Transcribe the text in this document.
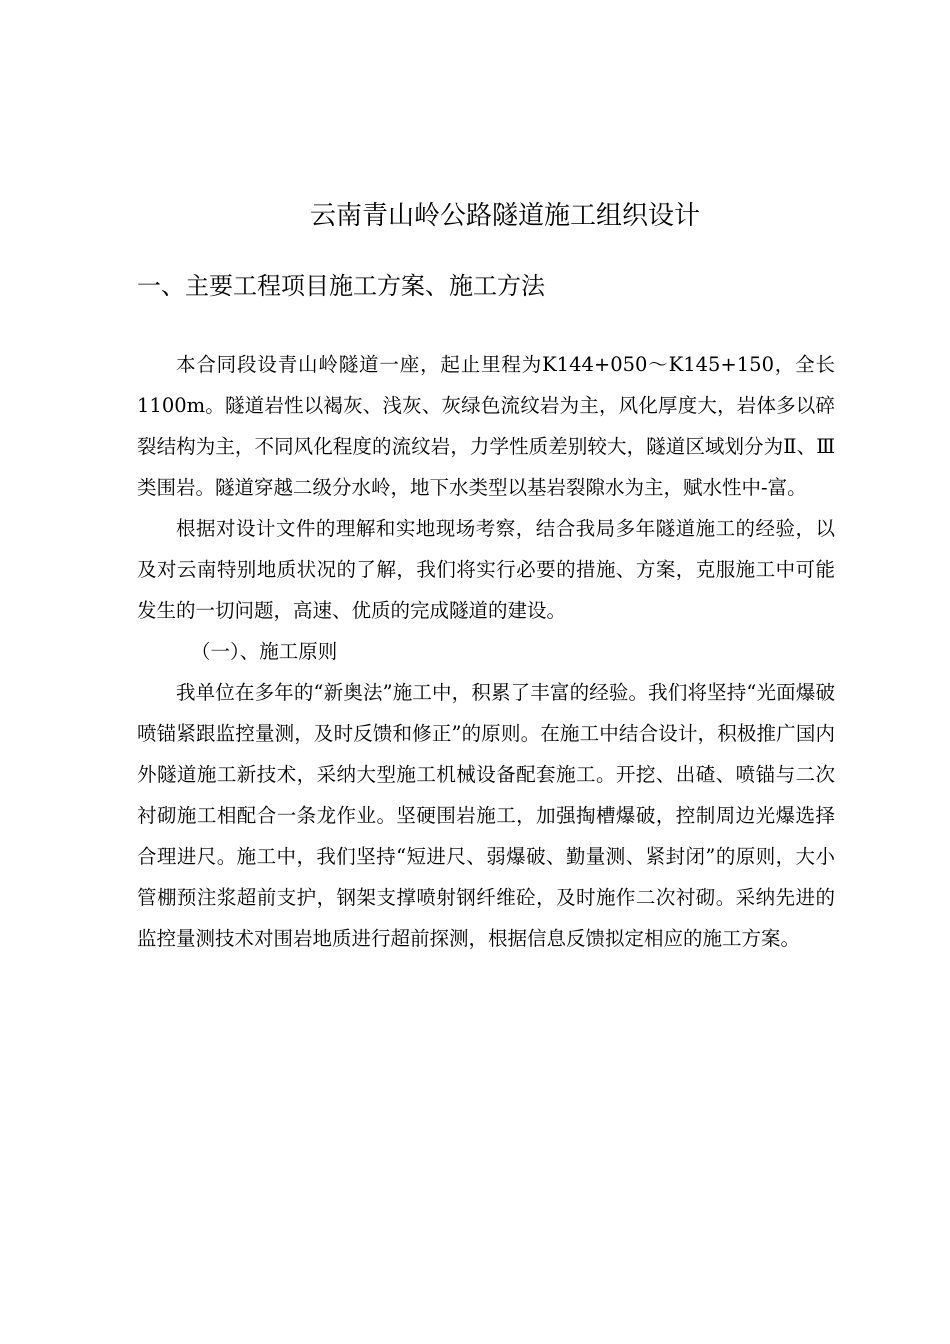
云南青山岭公路隧道施工组织设计
一、主要工程项目施工方案、施工方法

本合同段设青山岭隧道一座，起止里程为K144+050～K145+150，全长1100m。隧道岩性以褐灰、浅灰、灰绿色流纹岩为主，风化厚度大，岩体多以碎裂结构为主，不同风化程度的流纹岩，力学性质差别较大，隧道区域划分为Ⅱ、Ⅲ类围岩。隧道穿越二级分水岭，地下水类型以基岩裂隙水为主，赋水性中-富。

根据对设计文件的理解和实地现场考察，结合我局多年隧道施工的经验，以及对云南特别地质状况的了解，我们将实行必要的措施、方案，克服施工中可能发生的一切问题，高速、优质的完成隧道的建设。

（一）、施工原则

我单位在多年的“新奥法”施工中，积累了丰富的经验。我们将坚持“光面爆破喷锚紧跟监控量测，及时反馈和修正”的原则。在施工中结合设计，积极推广国内外隧道施工新技术，采纳大型施工机械设备配套施工。开挖、出碴、喷锚与二次衬砌施工相配合一条龙作业。坚硬围岩施工，加强掏槽爆破，控制周边光爆选择合理进尺。施工中，我们坚持“短进尺、弱爆破、勤量测、紧封闭”的原则，大小管棚预注浆超前支护，钢架支撑喷射钢纤维砼，及时施作二次衬砌。采纳先进的监控量测技术对围岩地质进行超前探测，根据信息反馈拟定相应的施工方案。
